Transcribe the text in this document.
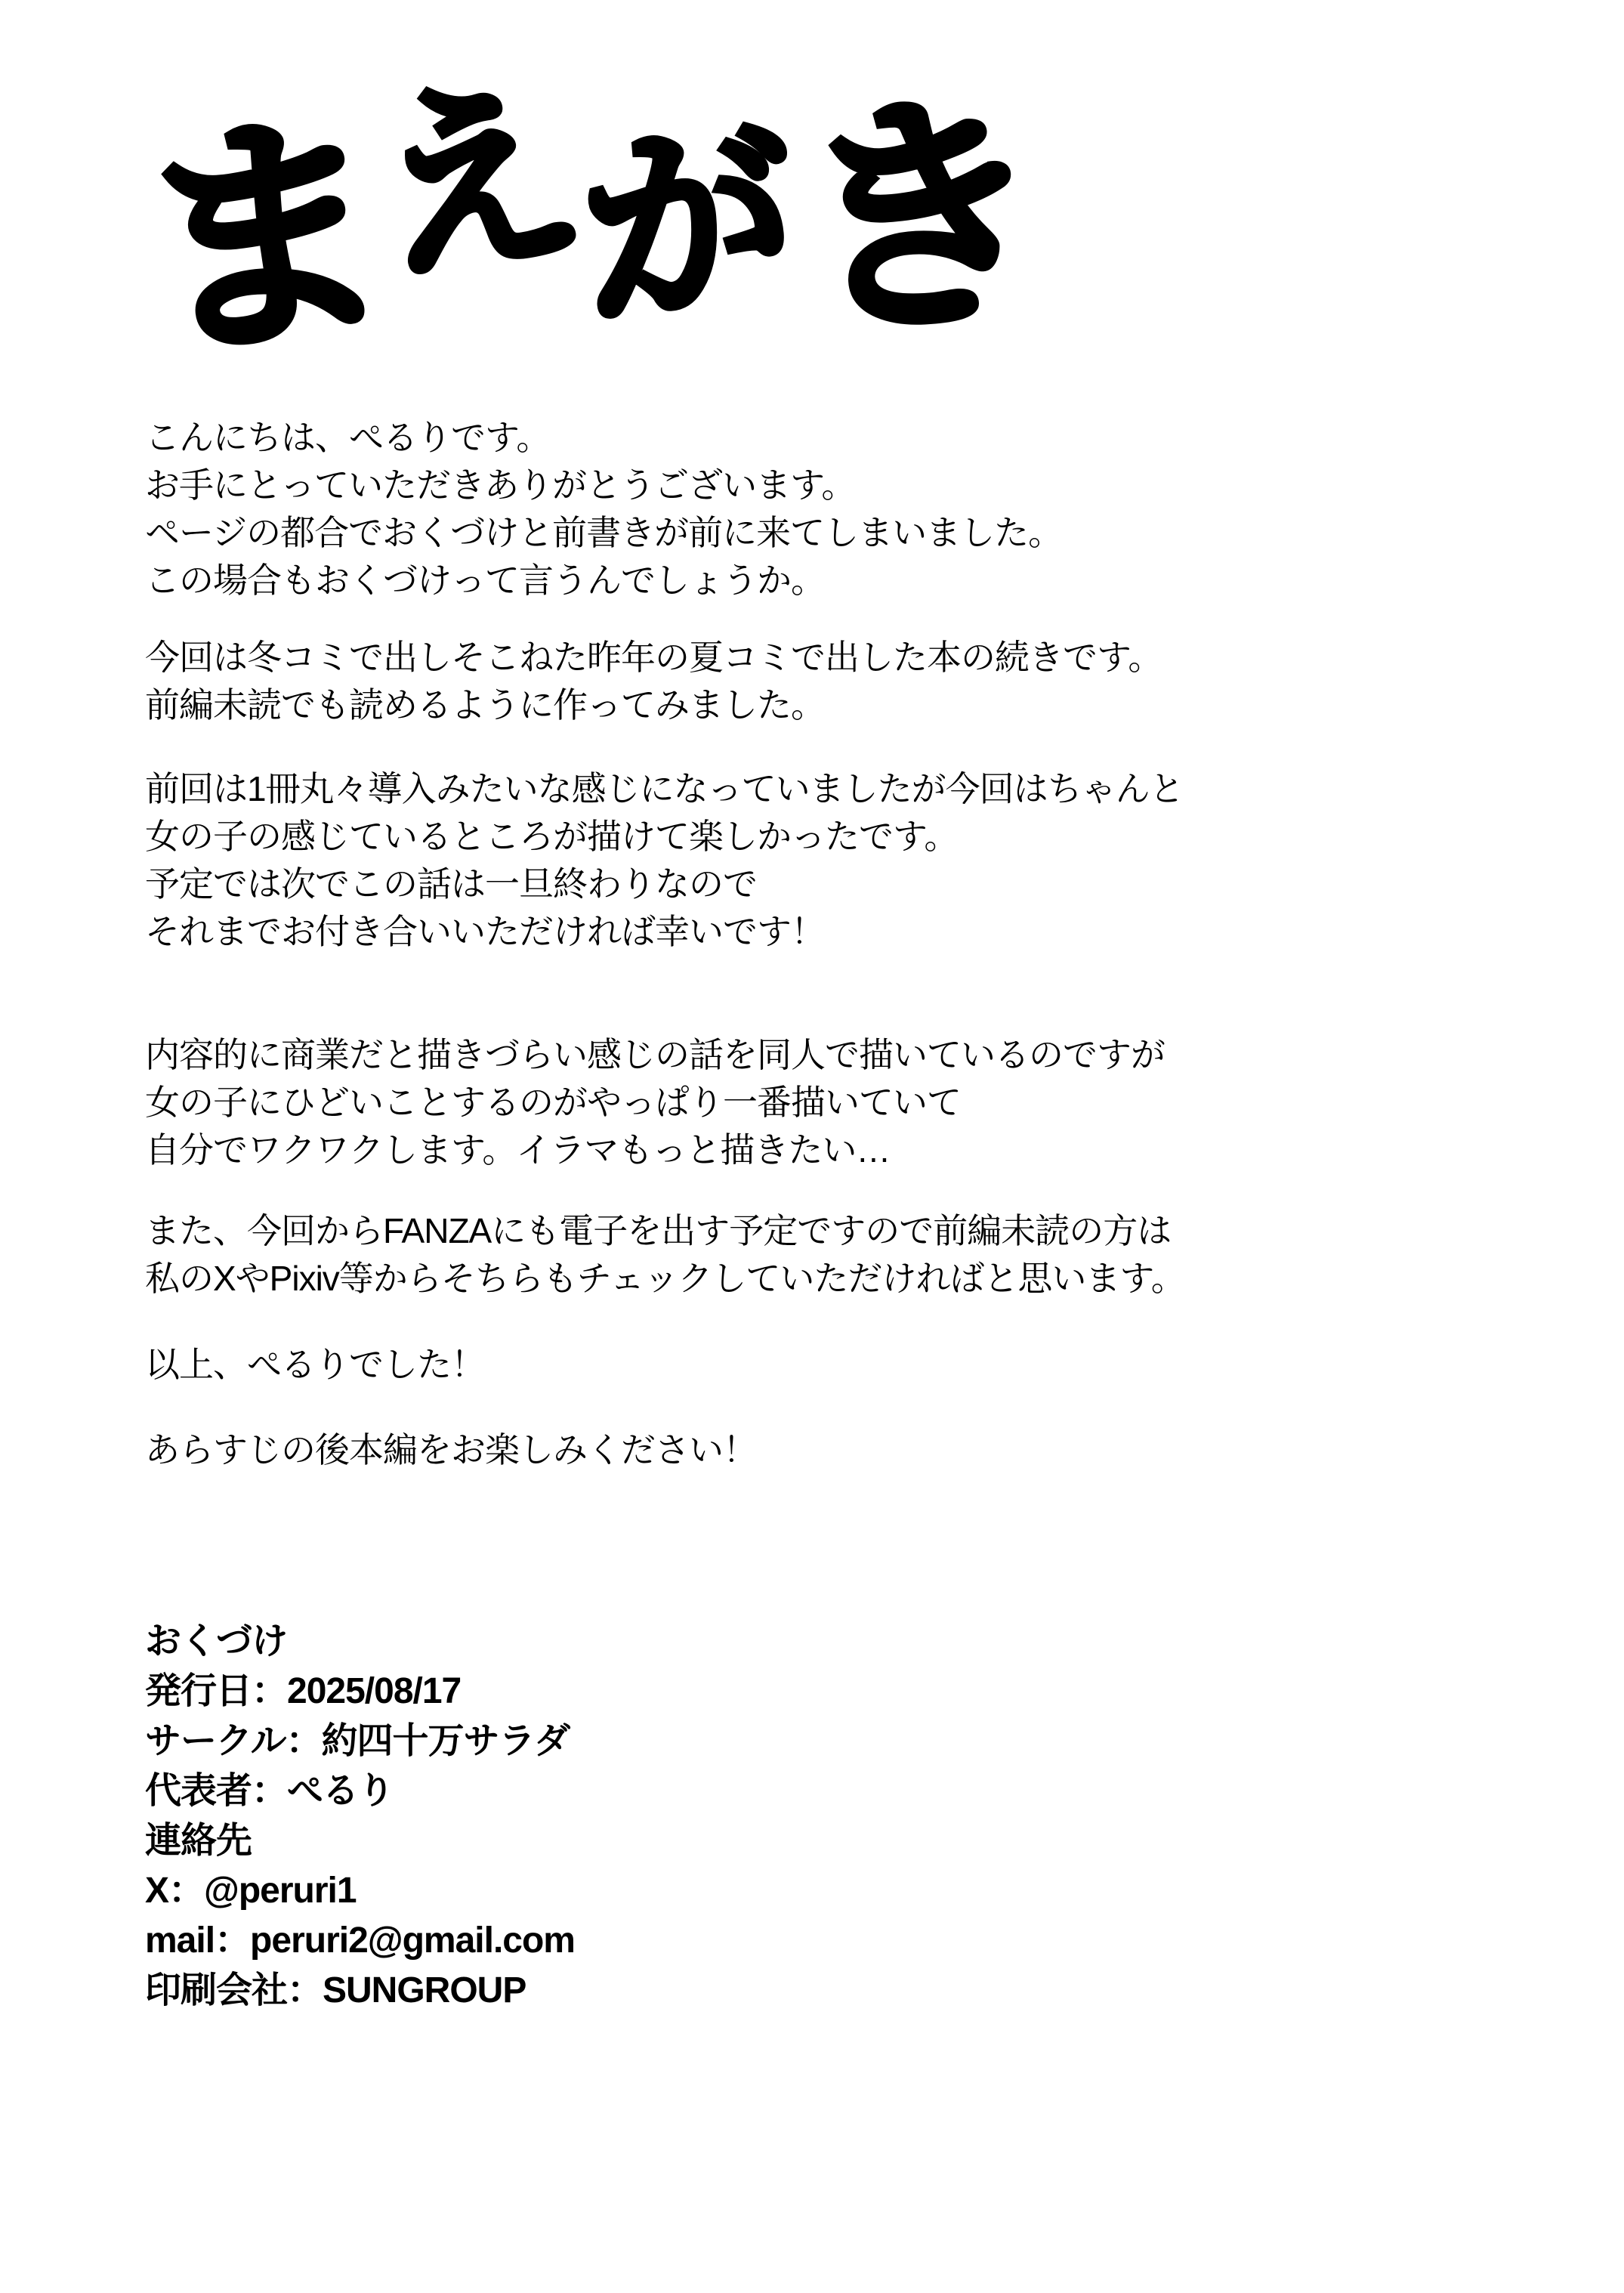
まえがき
こんにちは、ぺるりです。
お手にとっていただきありがとうございます。
ページの都合でおくづけと前書きが前に来てしまいました。
この場合もおくづけって言うんでしょうか。
今回は冬コミで出しそこねた昨年の夏コミで出した本の続きです。
前編未読でも読めるように作ってみました。
前回は1冊丸々導入みたいな感じになっていましたが今回はちゃんと
女の子の感じているところが描けて楽しかったです。
予定では次でこの話は一旦終わりなので
それまでお付き合いいただければ幸いです！
内容的に商業だと描きづらい感じの話を同人で描いているのですが
女の子にひどいことするのがやっぱり一番描いていて
自分でワクワクします。イラマもっと描きたい…
また、今回からFANZAにも電子を出す予定ですので前編未読の方は
私のXやPixiv等からそちらもチェックしていただければと思います。
以上、ぺるりでした！
あらすじの後本編をお楽しみください！
おくづけ
発行日：2025/08/17
サークル：約四十万サラダ
代表者：ぺるり
連絡先
X：@peruri1
mail：peruri2@gmail.com
印刷会社：SUNGROUP
